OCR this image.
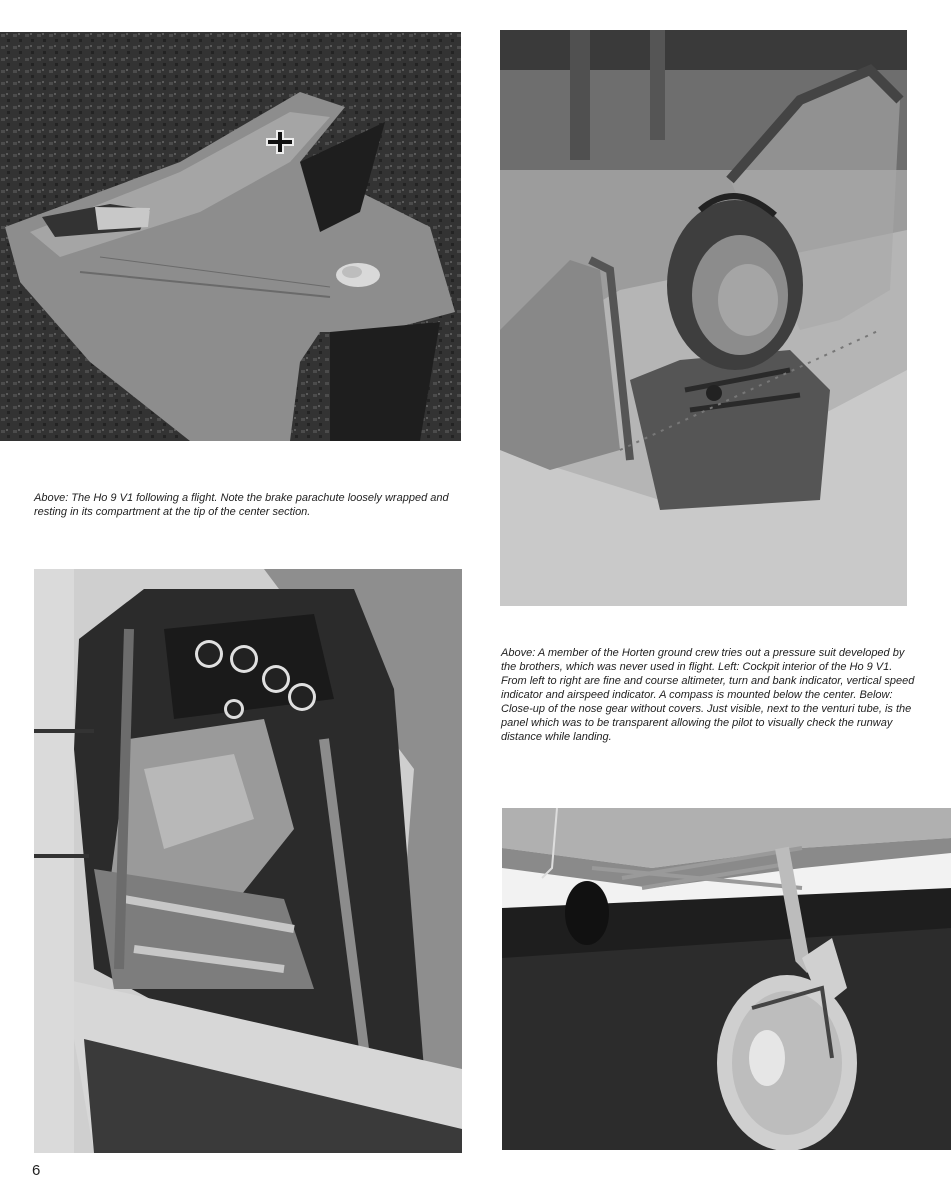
Above: The Ho 9 V1 following a flight. Note the brake parachute loosely wrapped and resting in its compartment at the tip of the center section.
Above: A member of the Horten ground crew tries out a pressure suit developed by the brothers, which was never used in flight. Left: Cockpit interior of the Ho 9 V1. From left to right are fine and course altimeter, turn and bank indicator, vertical speed indicator and airspeed indicator. A compass is mounted below the center. Below: Close-up of the nose gear without covers. Just visible, next to the venturi tube, is the panel which was to be transparent allowing the pilot to visually check the runway distance while landing.
6
